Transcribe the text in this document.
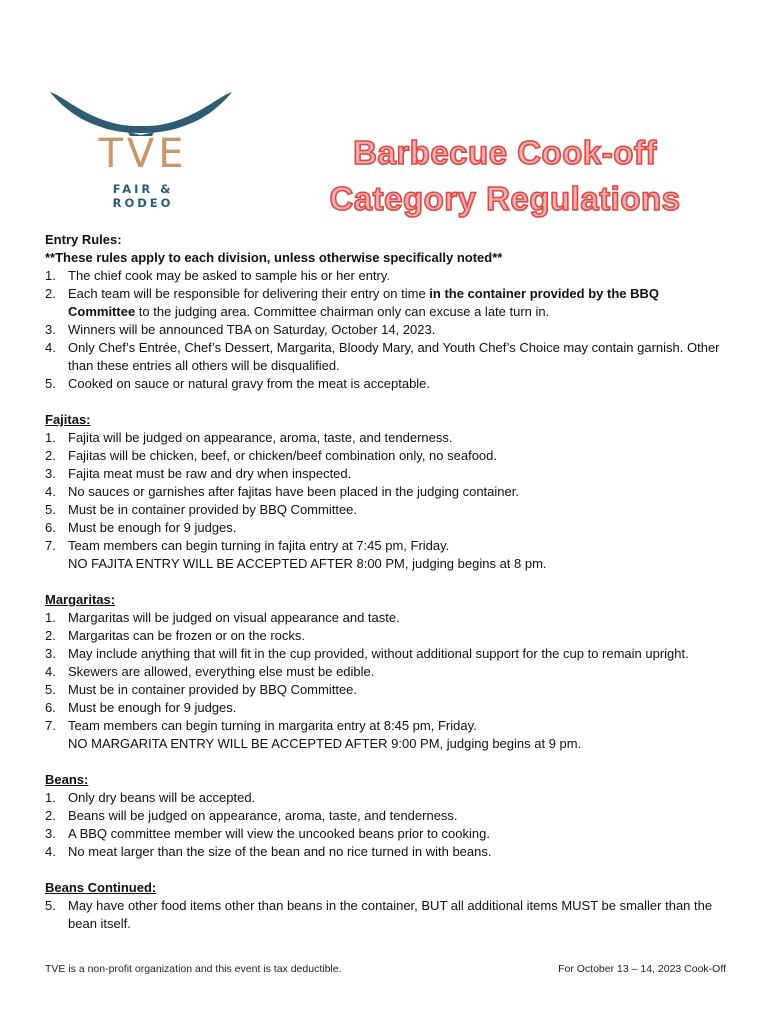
TVE
FAIR & RODEO
Barbecue Cook-off
Category Regulations
Entry Rules:
**These rules apply to each division, unless otherwise specifically noted**
1. The chief cook may be asked to sample his or her entry.
2. Each team will be responsible for delivering their entry on time in the container provided by the BBQ Committee to the judging area. Committee chairman only can excuse a late turn in.
3. Winners will be announced TBA on Saturday, October 14, 2023.
4. Only Chef’s Entrée, Chef’s Dessert, Margarita, Bloody Mary, and Youth Chef’s Choice may contain garnish. Other than these entries all others will be disqualified.
5. Cooked on sauce or natural gravy from the meat is acceptable.
Fajitas:
1. Fajita will be judged on appearance, aroma, taste, and tenderness.
2. Fajitas will be chicken, beef, or chicken/beef combination only, no seafood.
3. Fajita meat must be raw and dry when inspected.
4. No sauces or garnishes after fajitas have been placed in the judging container.
5. Must be in container provided by BBQ Committee.
6. Must be enough for 9 judges.
7. Team members can begin turning in fajita entry at 7:45 pm, Friday.
NO FAJITA ENTRY WILL BE ACCEPTED AFTER 8:00 PM, judging begins at 8 pm.
Margaritas:
1. Margaritas will be judged on visual appearance and taste.
2. Margaritas can be frozen or on the rocks.
3. May include anything that will fit in the cup provided, without additional support for the cup to remain upright.
4. Skewers are allowed, everything else must be edible.
5. Must be in container provided by BBQ Committee.
6. Must be enough for 9 judges.
7. Team members can begin turning in margarita entry at 8:45 pm, Friday.
NO MARGARITA ENTRY WILL BE ACCEPTED AFTER 9:00 PM, judging begins at 9 pm.
Beans:
1. Only dry beans will be accepted.
2. Beans will be judged on appearance, aroma, taste, and tenderness.
3. A BBQ committee member will view the uncooked beans prior to cooking.
4. No meat larger than the size of the bean and no rice turned in with beans.
Beans Continued:
5. May have other food items other than beans in the container, BUT all additional items MUST be smaller than the bean itself.
TVE is a non-profit organization and this event is tax deductible.	For October 13 – 14, 2023 Cook-Off
